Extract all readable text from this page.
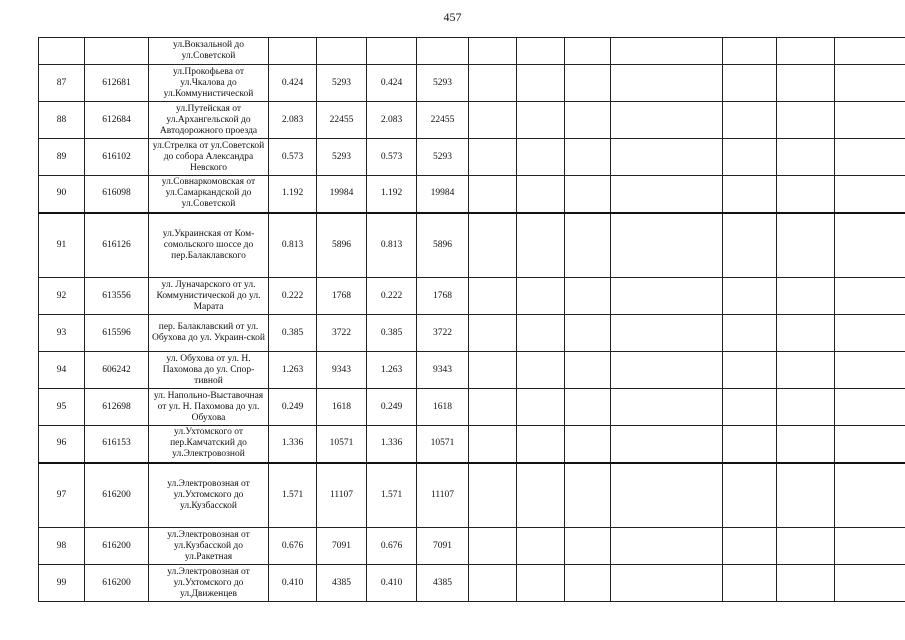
457
		ул.Вокзальной до ул.Советской											
87	612681	ул.Прокофьева от ул.Чкалова до ул.Коммунистической	0.424	5293	0.424	5293							
88	612684	ул.Путейская от ул.Архангельской до Автодорожного проезда	2.083	22455	2.083	22455							
89	616102	ул.Стрелка от ул.Советской до собора Александра Невского	0.573	5293	0.573	5293							
90	616098	ул.Совнаркомовская от ул.Самаркандской до ул.Советской	1.192	19984	1.192	19984							
91	616126	ул.Украинская от Ком-сомольского шоссе до пер.Балаклавского	0.813	5896	0.813	5896							
92	613556	ул. Луначарского от ул. Коммунистической до ул. Марата	0.222	1768	0.222	1768							
93	615596	пер. Балаклавский от ул. Обухова до ул. Украин-ской	0.385	3722	0.385	3722							
94	606242	ул. Обухова от ул. Н. Пахомова до ул. Спор-тивной	1.263	9343	1.263	9343							
95	612698	ул. Напольно-Выставочная от ул. Н. Пахомова до ул. Обухова	0.249	1618	0.249	1618							
96	616153	ул.Ухтомского от пер.Камчатский до ул.Электровозной	1.336	10571	1.336	10571							
97	616200	ул.Электровозная от ул.Ухтомского до ул.Кузбасской	1.571	11107	1.571	11107							
98	616200	ул.Электровозная от ул.Кузбасской до ул.Ракетная	0.676	7091	0.676	7091							
99	616200	ул.Электровозная от ул.Ухтомского до ул.Движенцев	0.410	4385	0.410	4385							
